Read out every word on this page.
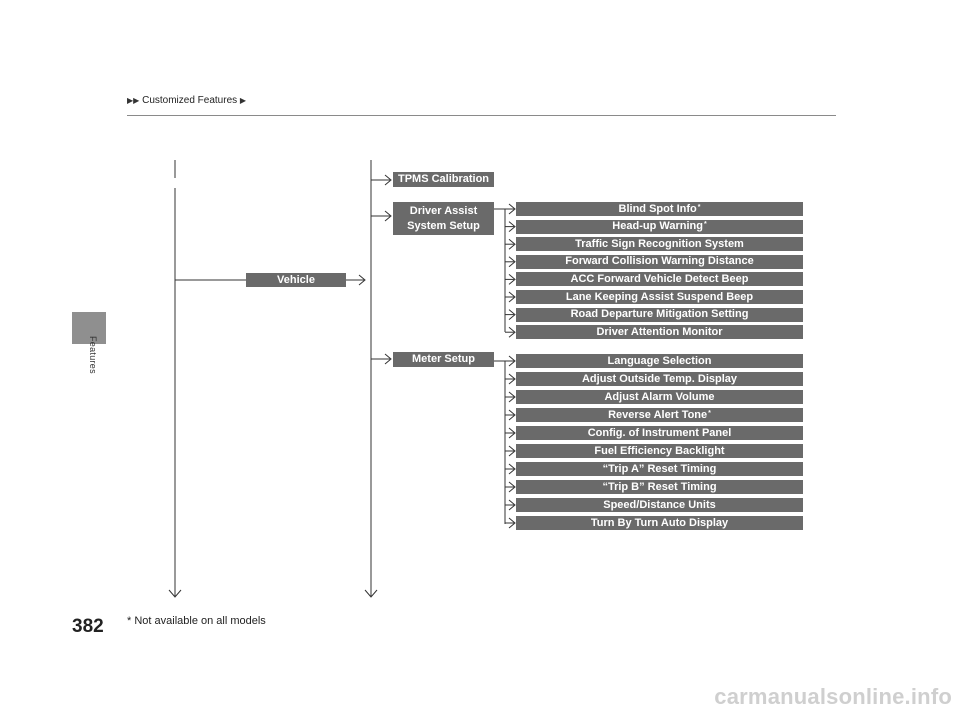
▶▶ Customized Features ▶
Features
TPMS Calibration
Driver Assist System Setup
Vehicle
Meter Setup
Blind Spot Info*
Head-up Warning*
Traffic Sign Recognition System
Forward Collision Warning Distance
ACC Forward Vehicle Detect Beep
Lane Keeping Assist Suspend Beep
Road Departure Mitigation Setting
Driver Attention Monitor
Language Selection
Adjust Outside Temp. Display
Adjust Alarm Volume
Reverse Alert Tone*
Config. of Instrument Panel
Fuel Efficiency Backlight
“Trip A” Reset Timing
“Trip B” Reset Timing
Speed/Distance Units
Turn By Turn Auto Display
382 * Not available on all models
carmanualsonline.info
